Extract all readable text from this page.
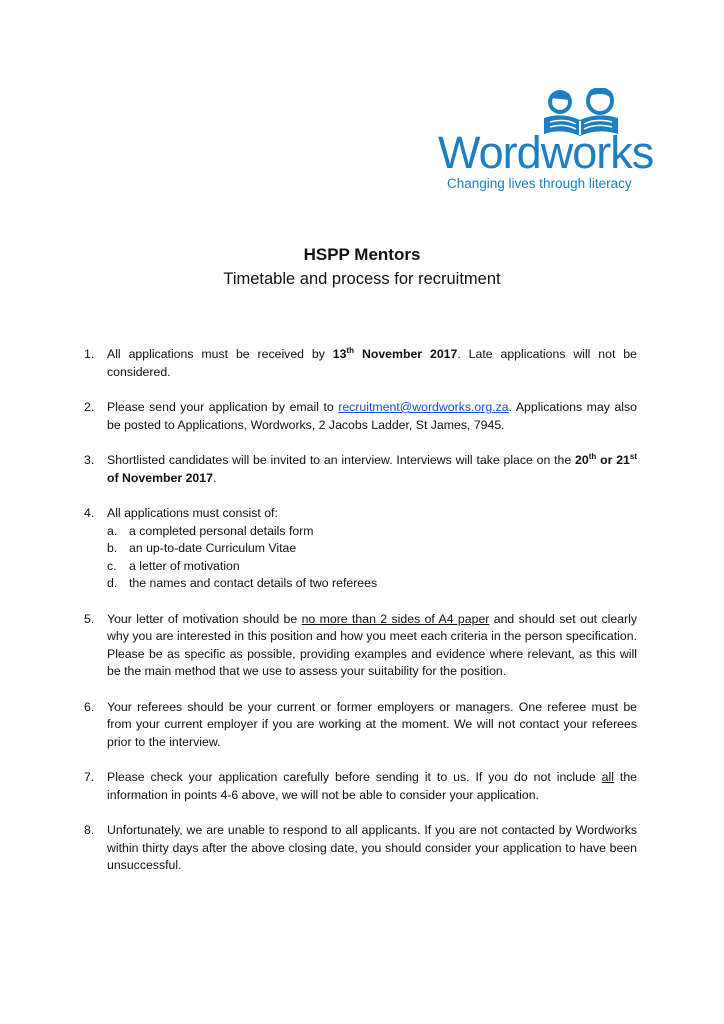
Wordworks
Changing lives through literacy
HSPP Mentors
Timetable and process for recruitment
1. All applications must be received by 13th November 2017. Late applications will not be considered.
2. Please send your application by email to recruitment@wordworks.org.za. Applications may also be posted to Applications, Wordworks, 2 Jacobs Ladder, St James, 7945.
3. Shortlisted candidates will be invited to an interview. Interviews will take place on the 20th or 21st of November 2017.
4. All applications must consist of:
a. a completed personal details form
b. an up-to-date Curriculum Vitae
c. a letter of motivation
d. the names and contact details of two referees
5. Your letter of motivation should be no more than 2 sides of A4 paper and should set out clearly why you are interested in this position and how you meet each criteria in the person specification. Please be as specific as possible, providing examples and evidence where relevant, as this will be the main method that we use to assess your suitability for the position.
6. Your referees should be your current or former employers or managers. One referee must be from your current employer if you are working at the moment. We will not contact your referees prior to the interview.
7. Please check your application carefully before sending it to us. If you do not include all the information in points 4-6 above, we will not be able to consider your application.
8. Unfortunately, we are unable to respond to all applicants. If you are not contacted by Wordworks within thirty days after the above closing date, you should consider your application to have been unsuccessful.
